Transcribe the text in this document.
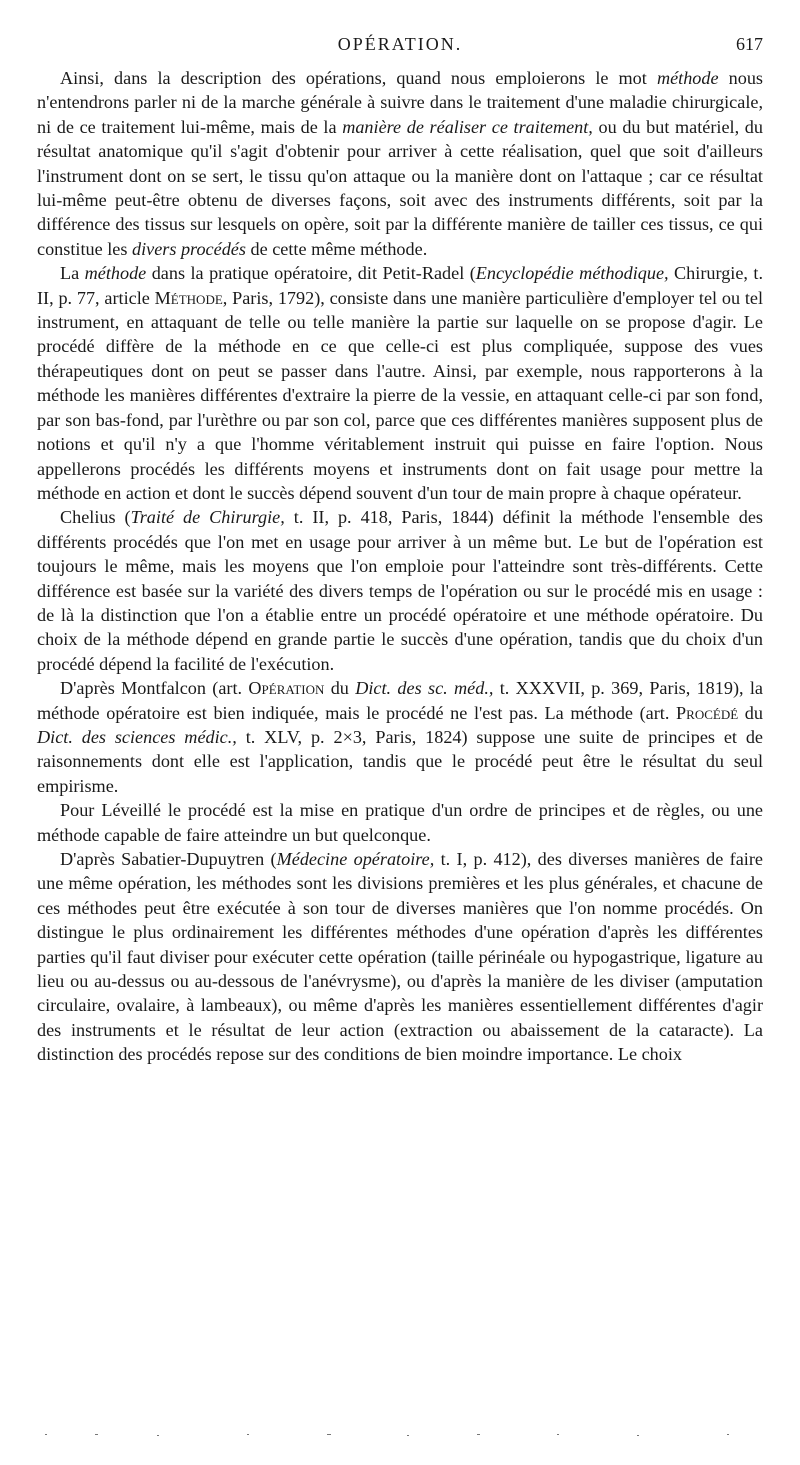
OPÉRATION.	617

Ainsi, dans la description des opérations, quand nous emploierons le mot méthode nous n'entendrons parler ni de la marche générale à suivre dans le traitement d'une maladie chirurgicale, ni de ce traitement lui-même, mais de la manière de réaliser ce traitement, ou du but matériel, du résultat anatomique qu'il s'agit d'obtenir pour arriver à cette réalisation, quel que soit d'ailleurs l'instrument dont on se sert, le tissu qu'on attaque ou la manière dont on l'attaque ; car ce résultat lui-même peut-être obtenu de diverses façons, soit avec des instruments différents, soit par la différence des tissus sur lesquels on opère, soit par la différente manière de tailler ces tissus, ce qui constitue les divers procédés de cette même méthode.

La méthode dans la pratique opératoire, dit Petit-Radel (Encyclopédie méthodique, Chirurgie, t. II, p. 77, article Méthode, Paris, 1792), consiste dans une manière particulière d'employer tel ou tel instrument, en attaquant de telle ou telle manière la partie sur laquelle on se propose d'agir. Le procédé diffère de la méthode en ce que celle-ci est plus compliquée, suppose des vues thérapeutiques dont on peut se passer dans l'autre. Ainsi, par exemple, nous rapporterons à la méthode les manières différentes d'extraire la pierre de la vessie, en attaquant celle-ci par son fond, par son bas-fond, par l'urèthre ou par son col, parce que ces différentes manières supposent plus de notions et qu'il n'y a que l'homme véritablement instruit qui puisse en faire l'option. Nous appellerons procédés les différents moyens et instruments dont on fait usage pour mettre la méthode en action et dont le succès dépend souvent d'un tour de main propre à chaque opérateur.

Chelius (Traité de Chirurgie, t. II, p. 418, Paris, 1844) définit la méthode l'ensemble des différents procédés que l'on met en usage pour arriver à un même but. Le but de l'opération est toujours le même, mais les moyens que l'on emploie pour l'atteindre sont très-différents. Cette différence est basée sur la variété des divers temps de l'opération ou sur le procédé mis en usage : de là la distinction que l'on a établie entre un procédé opératoire et une méthode opératoire. Du choix de la méthode dépend en grande partie le succès d'une opération, tandis que du choix d'un procédé dépend la facilité de l'exécution.

D'après Montfalcon (art. Opération du Dict. des sc. méd., t. XXXVII, p. 369, Paris, 1819), la méthode opératoire est bien indiquée, mais le procédé ne l'est pas. La méthode (art. Procédé du Dict. des sciences médic., t. XLV, p. 2×3, Paris, 1824) suppose une suite de principes et de raisonnements dont elle est l'application, tandis que le procédé peut être le résultat du seul empirisme.

Pour Léveillé le procédé est la mise en pratique d'un ordre de principes et de règles, ou une méthode capable de faire atteindre un but quelconque.

D'après Sabatier-Dupuytren (Médecine opératoire, t. I, p. 412), des diverses manières de faire une même opération, les méthodes sont les divisions premières et les plus générales, et chacune de ces méthodes peut être exécutée à son tour de diverses manières que l'on nomme procédés. On distingue le plus ordinairement les différentes méthodes d'une opération d'après les différentes parties qu'il faut diviser pour exécuter cette opération (taille périnéale ou hypogastrique, ligature au lieu ou au-dessus ou au-dessous de l'anévrysme), ou d'après la manière de les diviser (amputation circulaire, ovalaire, à lambeaux), ou même d'après les manières essentiellement différentes d'agir des instruments et le résultat de leur action (extraction ou abaissement de la cataracte). La distinction des procédés repose sur des conditions de bien moindre importance. Le choix
